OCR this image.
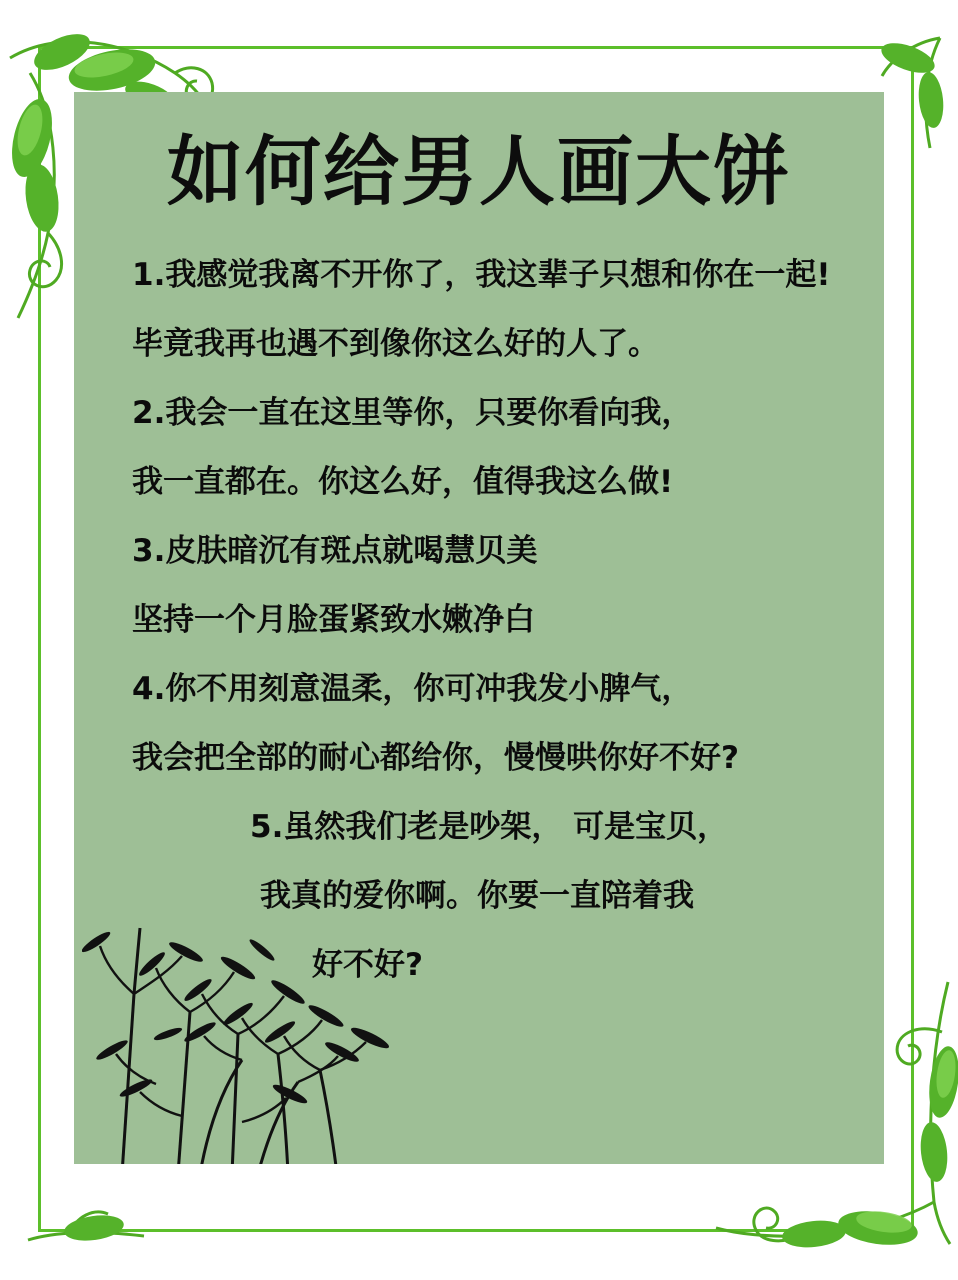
如何给男人画大饼

1.我感觉我离不开你了，我这辈子只想和你在一起!

毕竟我再也遇不到像你这么好的人了。

2.我会一直在这里等你，只要你看向我，

我一直都在。你这么好，值得我这么做!

3.皮肤暗沉有斑点就喝慧贝美

坚持一个月脸蛋紧致水嫩净白

4.你不用刻意温柔，你可冲我发小脾气，

我会把全部的耐心都给你，慢慢哄你好不好?

5.虽然我们老是吵架， 可是宝贝，

我真的爱你啊。你要一直陪着我

好不好?
